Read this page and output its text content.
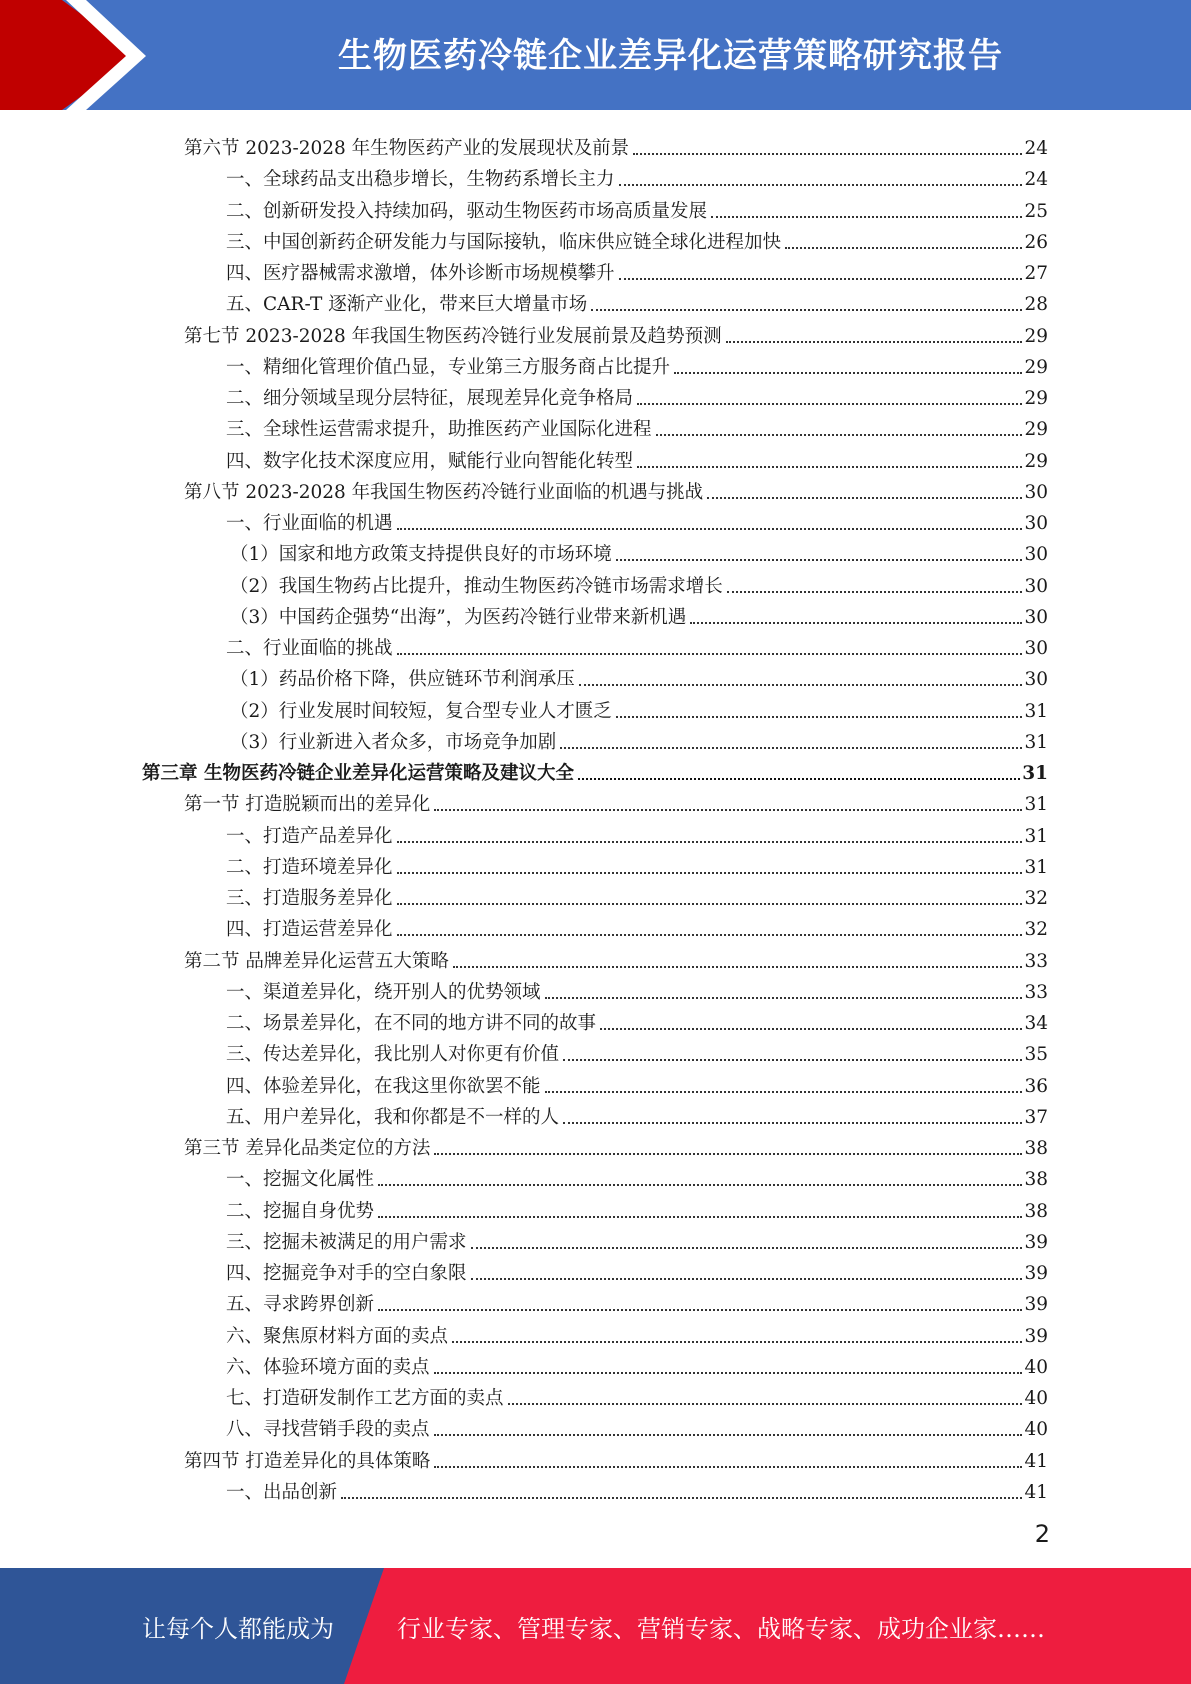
生物医药冷链企业差异化运营策略研究报告
第六节 2023-2028 年生物医药产业的发展现状及前景	24
一、全球药品支出稳步增长，生物药系增长主力	24
二、创新研发投入持续加码，驱动生物医药市场高质量发展	25
三、中国创新药企研发能力与国际接轨，临床供应链全球化进程加快	26
四、医疗器械需求激增，体外诊断市场规模攀升	27
五、CAR-T 逐渐产业化，带来巨大增量市场	28
第七节 2023-2028 年我国生物医药冷链行业发展前景及趋势预测	29
一、精细化管理价值凸显，专业第三方服务商占比提升	29
二、细分领域呈现分层特征，展现差异化竞争格局	29
三、全球性运营需求提升，助推医药产业国际化进程	29
四、数字化技术深度应用，赋能行业向智能化转型	29
第八节 2023-2028 年我国生物医药冷链行业面临的机遇与挑战	30
一、行业面临的机遇	30
（1）国家和地方政策支持提供良好的市场环境	30
（2）我国生物药占比提升，推动生物医药冷链市场需求增长	30
（3）中国药企强势“出海”，为医药冷链行业带来新机遇	30
二、行业面临的挑战	30
（1）药品价格下降，供应链环节利润承压	30
（2）行业发展时间较短，复合型专业人才匮乏	31
（3）行业新进入者众多，市场竞争加剧	31
第三章 生物医药冷链企业差异化运营策略及建议大全	31
第一节 打造脱颖而出的差异化	31
一、打造产品差异化	31
二、打造环境差异化	31
三、打造服务差异化	32
四、打造运营差异化	32
第二节 品牌差异化运营五大策略	33
一、渠道差异化，绕开别人的优势领域	33
二、场景差异化，在不同的地方讲不同的故事	34
三、传达差异化，我比别人对你更有价值	35
四、体验差异化，在我这里你欲罢不能	36
五、用户差异化，我和你都是不一样的人	37
第三节 差异化品类定位的方法	38
一、挖掘文化属性	38
二、挖掘自身优势	38
三、挖掘未被满足的用户需求	39
四、挖掘竞争对手的空白象限	39
五、寻求跨界创新	39
六、聚焦原材料方面的卖点	39
六、体验环境方面的卖点	40
七、打造研发制作工艺方面的卖点	40
八、寻找营销手段的卖点	40
第四节 打造差异化的具体策略	41
一、出品创新	41
2
让每个人都能成为	行业专家、管理专家、营销专家、战略专家、成功企业家……
